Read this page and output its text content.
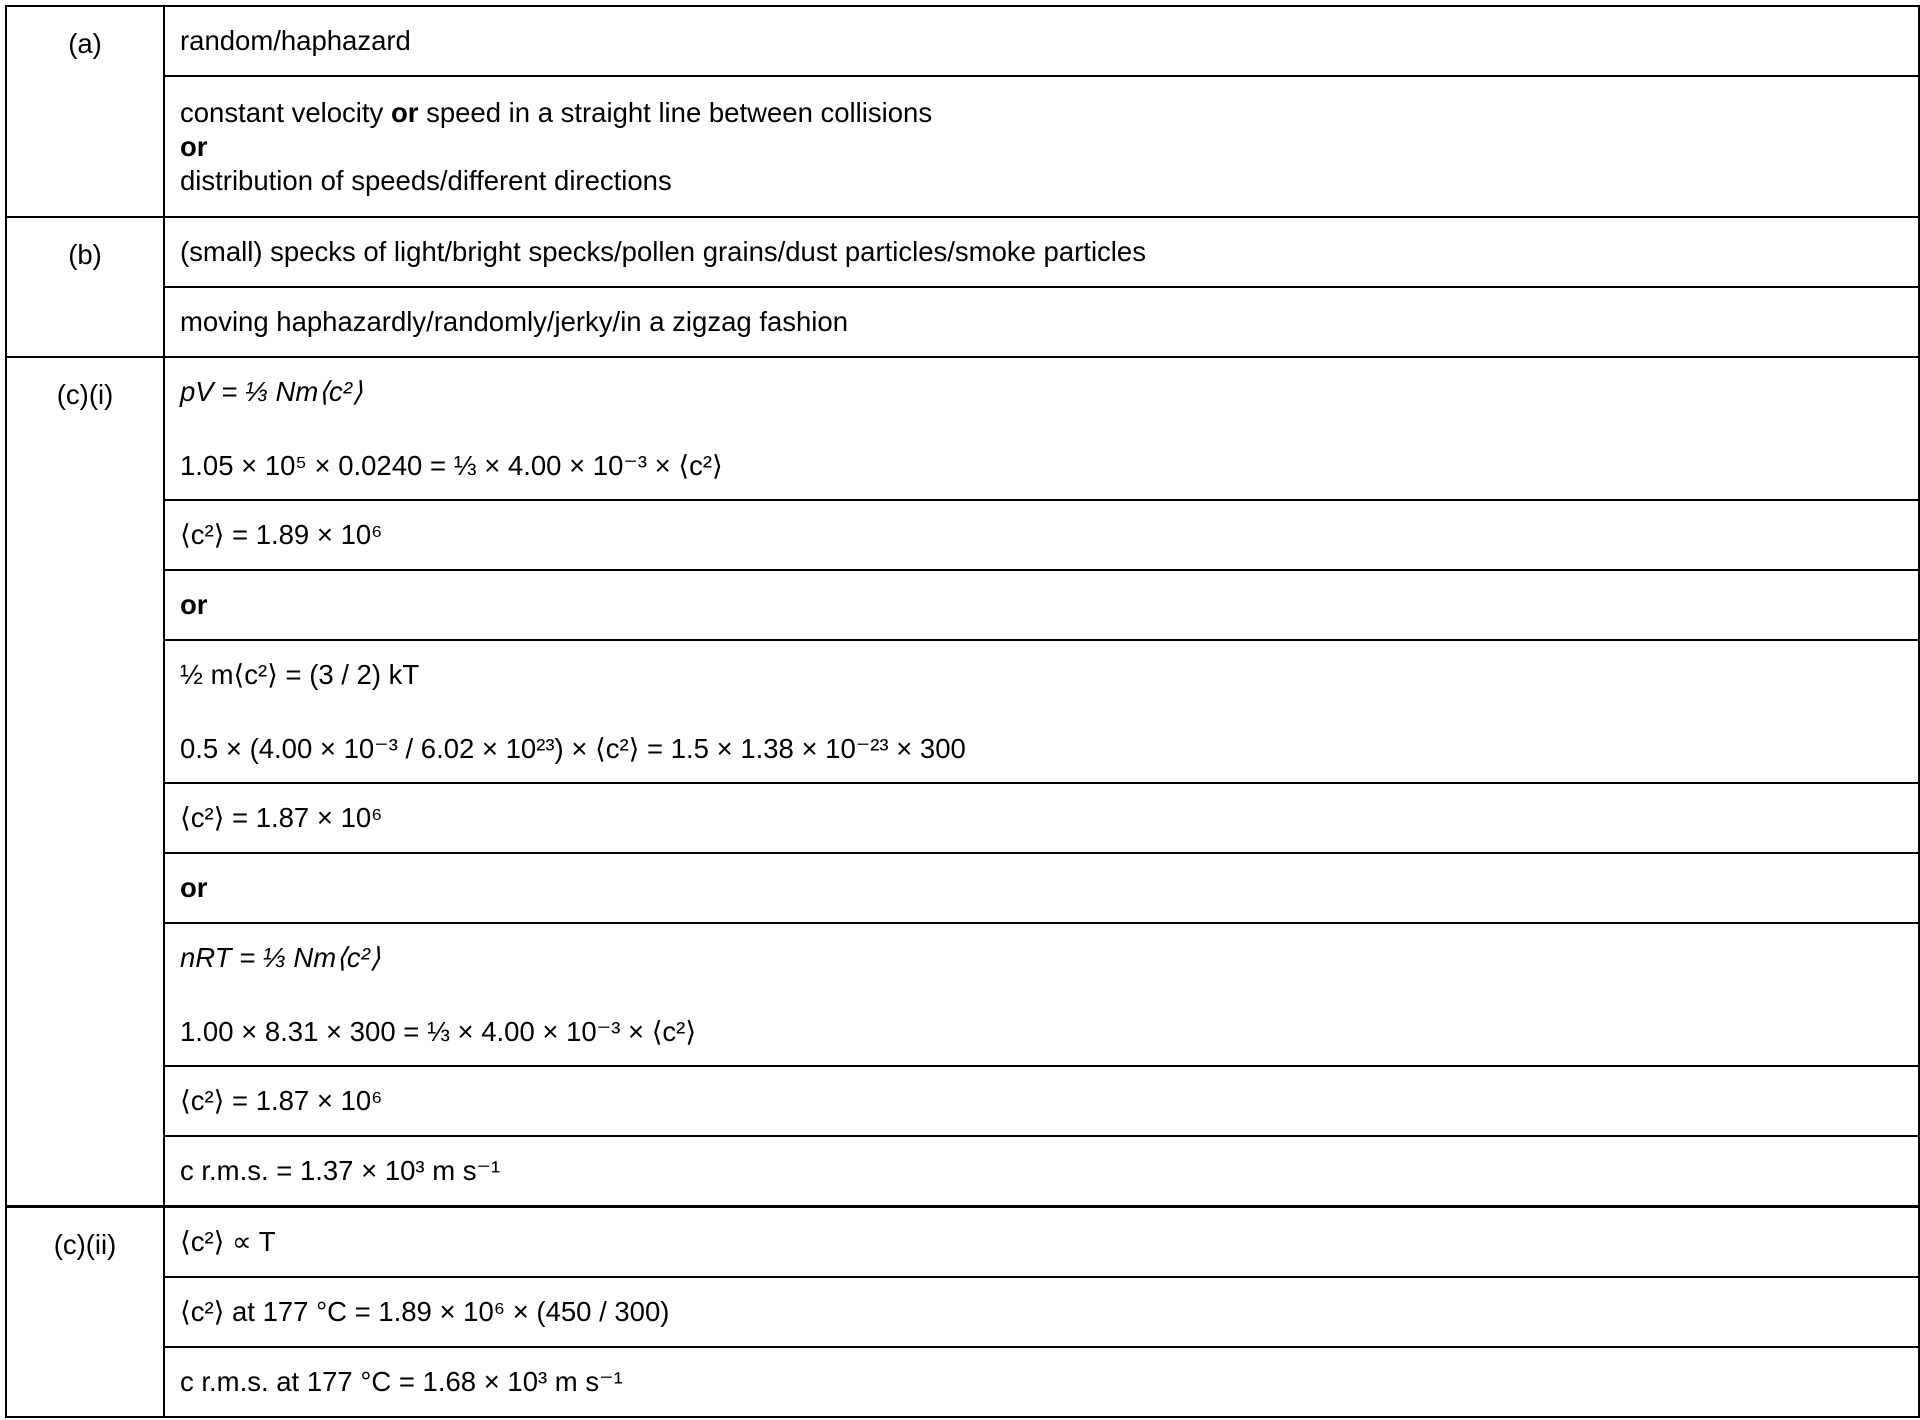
(a)	random/haphazard

	constant velocity or speed in a straight line between collisions
or
distribution of speeds/different directions

(b)	(small) specks of light/bright specks/pollen grains/dust particles/smoke particles
	moving haphazardly/randomly/jerky/in a zigzag fashion
(c)(i)	pV = ⅓ Nm⟨c²⟩
1.05 × 10⁵ × 0.0240 = ⅓ × 4.00 × 10⁻³ × ⟨c²⟩

	⟨c²⟩ = 1.89 × 10⁶
	or

	½ m⟨c²⟩ = (3 / 2) kT
0.5 × (4.00 × 10⁻³ / 6.02 × 10²³) × ⟨c²⟩ = 1.5 × 1.38 × 10⁻²³ × 300

	⟨c²⟩ = 1.87 × 10⁶
	or

	nRT = ⅓ Nm⟨c²⟩
1.00 × 8.31 × 300 = ⅓ × 4.00 × 10⁻³ × ⟨c²⟩

	⟨c²⟩ = 1.87 × 10⁶
	c r.m.s. = 1.37 × 10³ m s⁻¹
(c)(ii)	⟨c²⟩ ∝ T
⟨c²⟩ at 177 °C = 1.89 × 10⁶ × (450 / 300)
c r.m.s. at 177 °C = 1.68 × 10³ m s⁻¹
